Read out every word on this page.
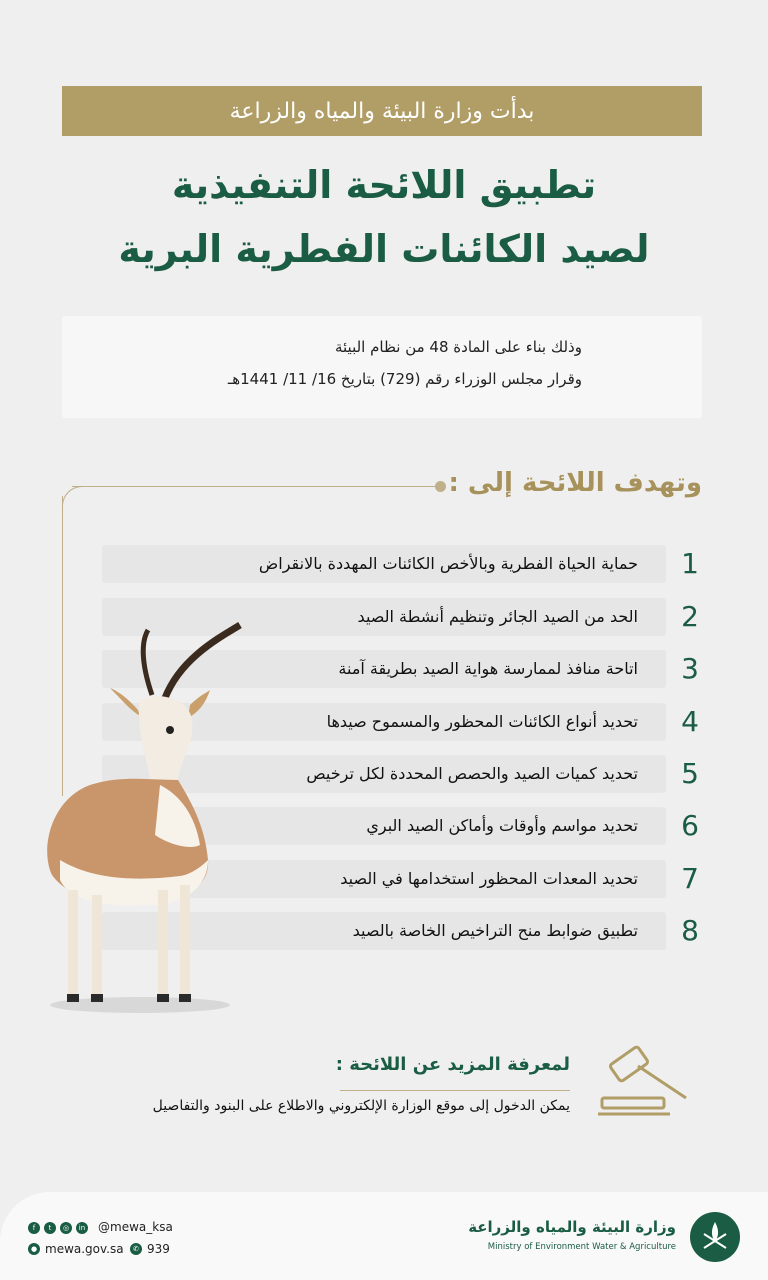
بدأت وزارة البيئة والمياه والزراعة
تطبيق اللائحة التنفيذية
لصيد الكائنات الفطرية البرية
وذلك بناء على المادة 48 من نظام البيئة
وقرار مجلس الوزراء رقم (729) بتاريخ 16/ 11/ 1441هـ
وتهدف اللائحة إلى :
حماية الحياة الفطرية وبالأخص الكائنات المهددة بالانقراض	1
الحد من الصيد الجائر وتنظيم أنشطة الصيد	2
اتاحة منافذ لممارسة هواية الصيد بطريقة آمنة	3
تحديد أنواع الكائنات المحظور والمسموح صيدها	4
تحديد كميات الصيد والحصص المحددة لكل ترخيص	5
تحديد مواسم وأوقات وأماكن الصيد البري	6
تحديد المعدات المحظور استخدامها في الصيد	7
تطبيق ضوابط منح التراخيص الخاصة بالصيد	8
لمعرفة المزيد عن اللائحة :
يمكن الدخول إلى موقع الوزارة الإلكتروني والاطلاع على البنود والتفاصيل
f	t	◎	in @mewa_ksa
● mewa.gov.sa	✆ 939
وزارة البيئة والمياه والزراعة
Ministry of Environment Water & Agriculture
